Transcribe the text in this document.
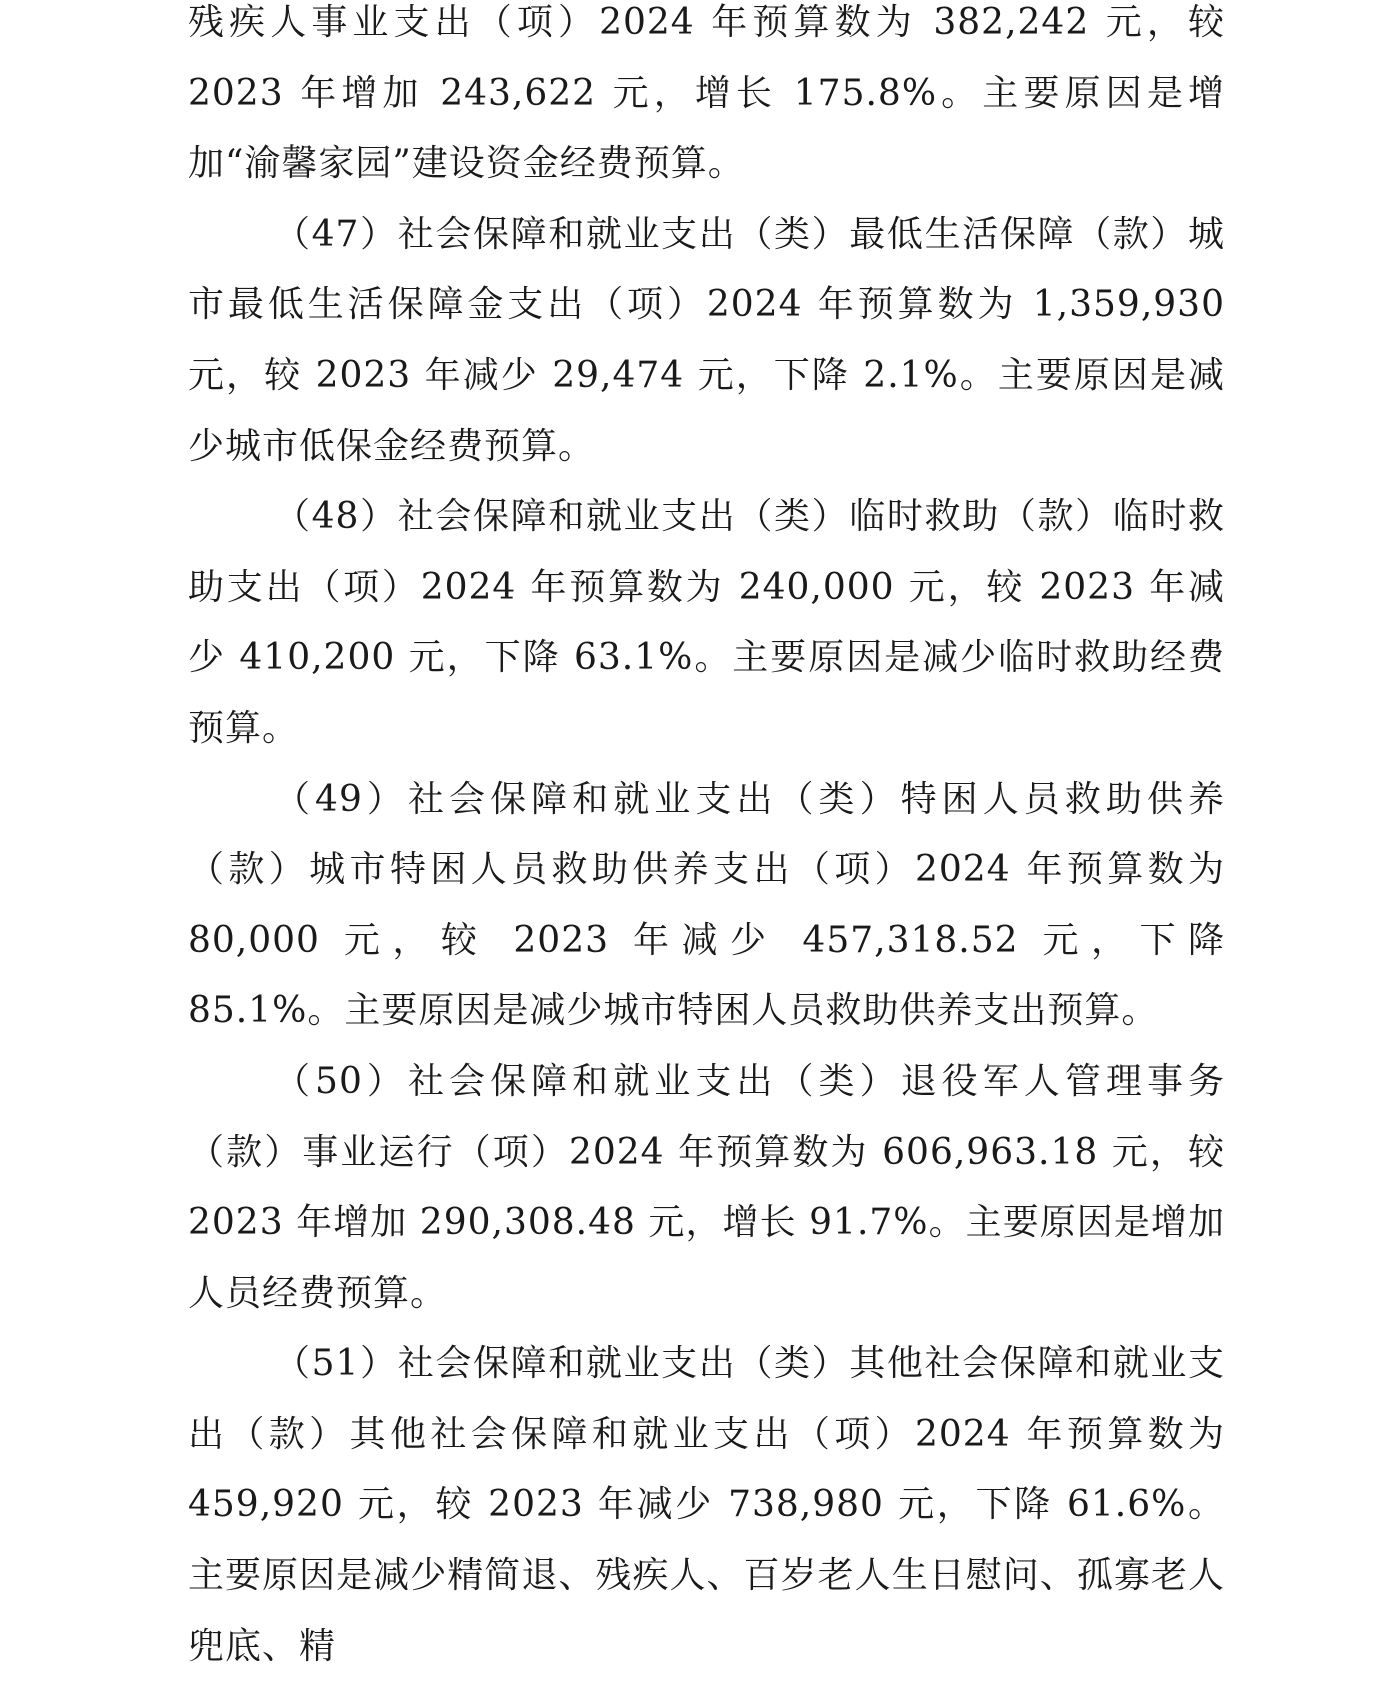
残疾人事业支出（项）2024 年预算数为 382,242 元，较 2023 年增加 243,622 元，增长 175.8%。主要原因是增加“渝馨家园”建设资金经费预算。

（47）社会保障和就业支出（类）最低生活保障（款）城市最低生活保障金支出（项）2024 年预算数为 1,359,930 元，较 2023 年减少 29,474 元，下降 2.1%。主要原因是减少城市低保金经费预算。

（48）社会保障和就业支出（类）临时救助（款）临时救助支出（项）2024 年预算数为 240,000 元，较 2023 年减少 410,200 元，下降 63.1%。主要原因是减少临时救助经费预算。

（49）社会保障和就业支出（类）特困人员救助供养（款）城市特困人员救助供养支出（项）2024 年预算数为 80,000 元，较 2023 年减少 457,318.52 元，下降 85.1%。主要原因是减少城市特困人员救助供养支出预算。

（50）社会保障和就业支出（类）退役军人管理事务（款）事业运行（项）2024 年预算数为 606,963.18 元，较 2023 年增加 290,308.48 元，增长 91.7%。主要原因是增加人员经费预算。

（51）社会保障和就业支出（类）其他社会保障和就业支出（款）其他社会保障和就业支出（项）2024 年预算数为 459,920 元，较 2023 年减少 738,980 元，下降 61.6%。主要原因是减少精简退、残疾人、百岁老人生日慰问、孤寡老人兜底、精
